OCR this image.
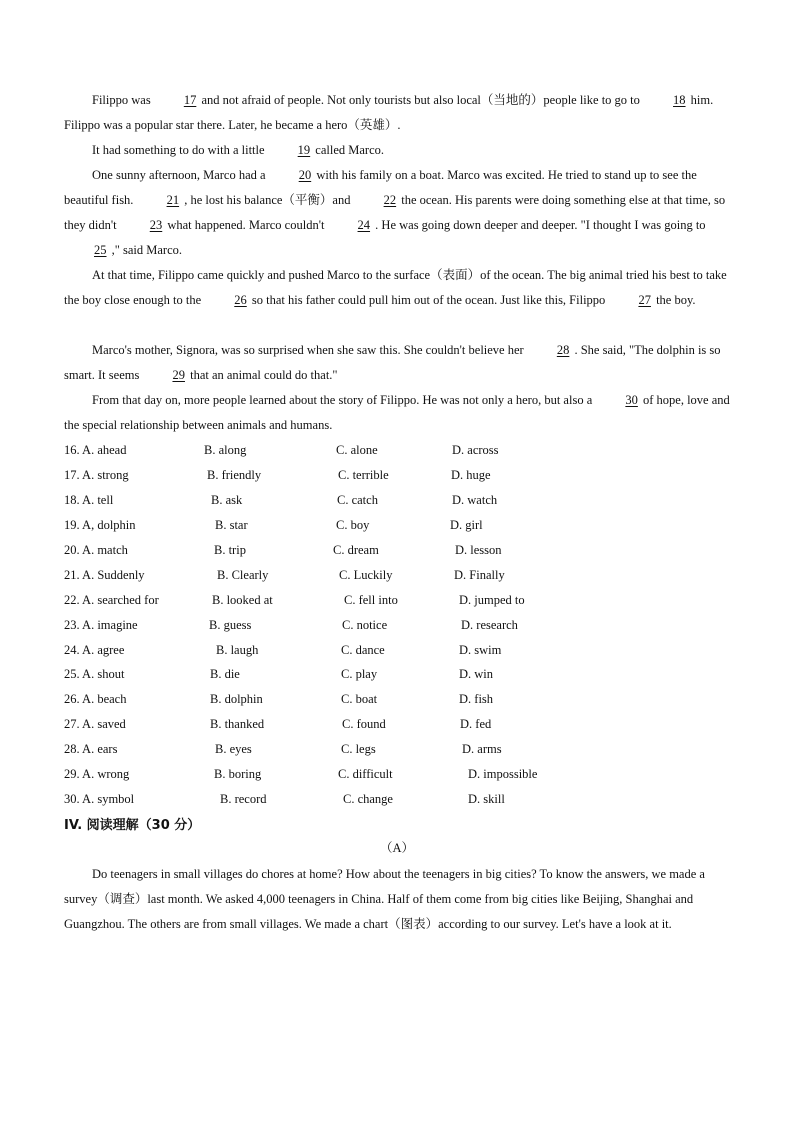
Filippo was 17 and not afraid of people. Not only tourists but also local（当地的）people like to go to 18 him. Filippo was a popular star there. Later, he became a hero（英雄）.

It had something to do with a little 19 called Marco.

One sunny afternoon, Marco had a 20 with his family on a boat. Marco was excited. He tried to stand up to see the beautiful fish. 21 , he lost his balance（平衡）and 22 the ocean. His parents were doing something else at that time, so they didn't 23 what happened. Marco couldn't 24 . He was going down deeper and deeper. "I thought I was going to 25 ," said Marco.

At that time, Filippo came quickly and pushed Marco to the surface（表面）of the ocean. The big animal tried his best to take the boy close enough to the 26 so that his father could pull him out of the ocean. Just like this, Filippo 27 the boy.

Marco's mother, Signora, was so surprised when she saw this. She couldn't believe her 28 . She said, "The dolphin is so smart. It seems 29 that an animal could do that."

From that day on, more people learned about the story of Filippo. He was not only a hero, but also a 30 of hope, love and the special relationship between animals and humans.

16. A. ahead	B. along	C. alone	D. across
17. A. strong	B. friendly	C. terrible	D. huge
18. A. tell	B. ask	C. catch	D. watch
19. A, dolphin	B. star	C. boy	D. girl
20. A. match	B. trip	C. dream	D. lesson
21. A. Suddenly	B. Clearly	C. Luckily	D. Finally
22. A. searched for	B. looked at	C. fell into	D. jumped to
23. A. imagine	B. guess	C. notice	D. research
24. A. agree	B. laugh	C. dance	D. swim
25. A. shout	B. die	C. play	D. win
26. A. beach	B. dolphin	C. boat	D. fish
27. A. saved	B. thanked	C. found	D. fed
28. A. ears	B. eyes	C. legs	D. arms
29. A. wrong	B. boring	C. difficult	D. impossible
30. A. symbol	B. record	C. change	D. skill
IV. 阅读理解（30 分）
（A）

Do teenagers in small villages do chores at home? How about the teenagers in big cities? To know the answers, we made a survey（调查）last month. We asked 4,000 teenagers in China. Half of them come from big cities like Beijing, Shanghai and Guangzhou. The others are from small villages. We made a chart（图表）according to our survey. Let's have a look at it.
